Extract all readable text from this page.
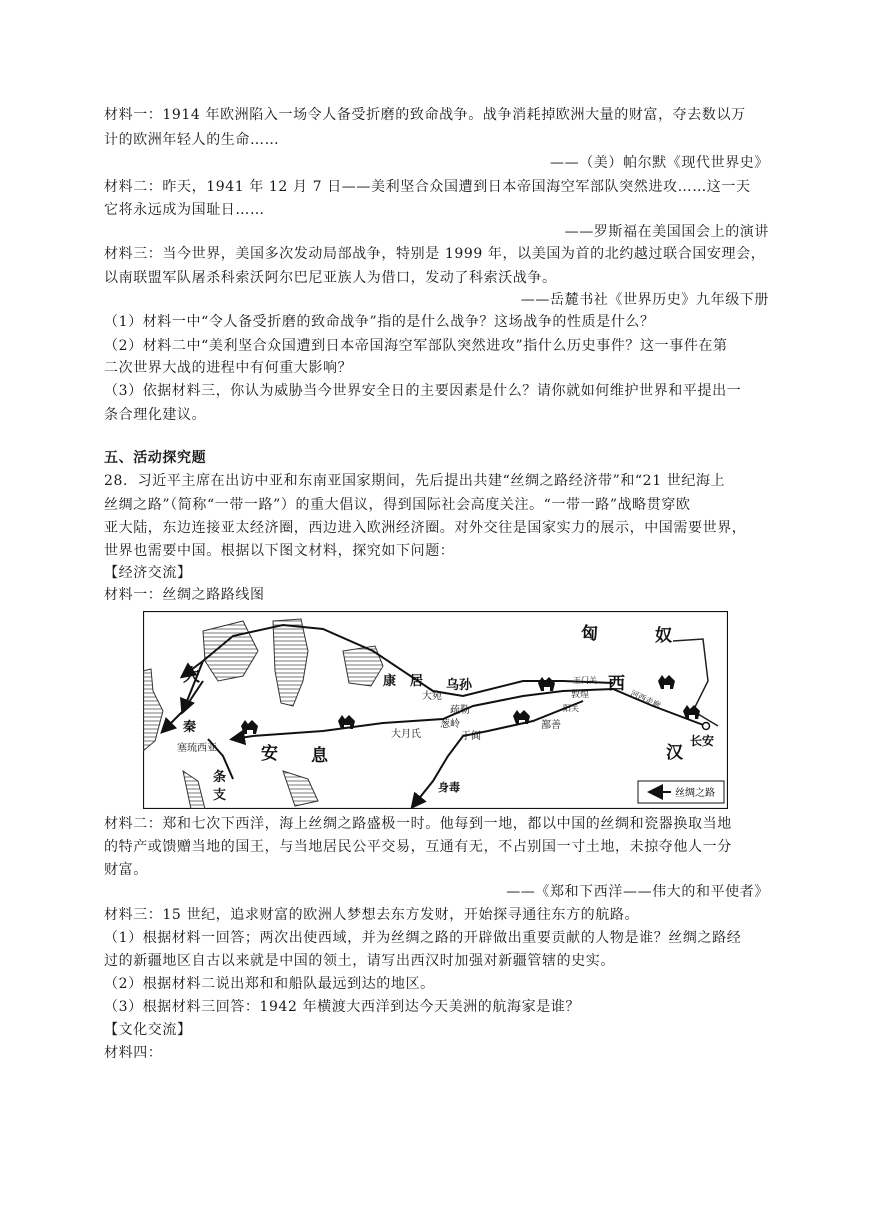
材料一：1914 年欧洲陷入一场令人备受折磨的致命战争。战争消耗掉欧洲大量的财富，夺去数以万
计的欧洲年轻人的生命……
——（美）帕尔默《现代世界史》
材料二：昨天，1941 年 12 月 7 日——美利坚合众国遭到日本帝国海空军部队突然进攻……这一天
它将永远成为国耻日……
——罗斯福在美国国会上的演讲
材料三：当今世界，美国多次发动局部战争，特别是 1999 年，以美国为首的北约越过联合国安理会，
以南联盟军队屠杀科索沃阿尔巴尼亚族人为借口，发动了科索沃战争。
——岳麓书社《世界历史》九年级下册
（1）材料一中“令人备受折磨的致命战争”指的是什么战争？这场战争的性质是什么？
（2）材料二中“美利坚合众国遭到日本帝国海空军部队突然进攻”指什么历史事件？这一事件在第
二次世界大战的进程中有何重大影响？
（3）依据材料三，你认为威胁当今世界安全日的主要因素是什么？请你就如何维护世界和平提出一
条合理化建议。
五、活动探究题
28．习近平主席在出访中亚和东南亚国家期间，先后提出共建“丝绸之路经济带”和“21 世纪海上
丝绸之路”（简称“一带一路”）的重大倡议，得到国际社会高度关注。“一带一路”战略贯穿欧
亚大陆，东边连接亚太经济圈，西边进入欧洲经济圈。对外交往是国家实力的展示，中国需要世界，
世界也需要中国。根据以下图文材料，探究如下问题：
【经济交流】
材料一：丝绸之路路线图
匈	奴
西
汉
长安
玉门关
敦煌
阳关	河西走廊
鄯善
于阗
身毒
疏勒
葱岭
大月氏
大宛
乌孙
康居
安 息
条
支
塞琉西亚
大
秦
丝绸之路
材料二：郑和七次下西洋，海上丝绸之路盛极一时。他每到一地，都以中国的丝绸和瓷器换取当地
的特产或馈赠当地的国王，与当地居民公平交易，互通有无，不占别国一寸土地，未掠夺他人一分
财富。
——《郑和下西洋——伟大的和平使者》
材料三：15 世纪，追求财富的欧洲人梦想去东方发财，开始探寻通往东方的航路。
（1）根据材料一回答；两次出使西域，并为丝绸之路的开辟做出重要贡献的人物是谁？丝绸之路经
过的新疆地区自古以来就是中国的领土，请写出西汉时加强对新疆管辖的史实。
（2）根据材料二说出郑和和船队最远到达的地区。
（3）根据材料三回答：1942 年横渡大西洋到达今天美洲的航海家是谁？
【文化交流】
材料四：
